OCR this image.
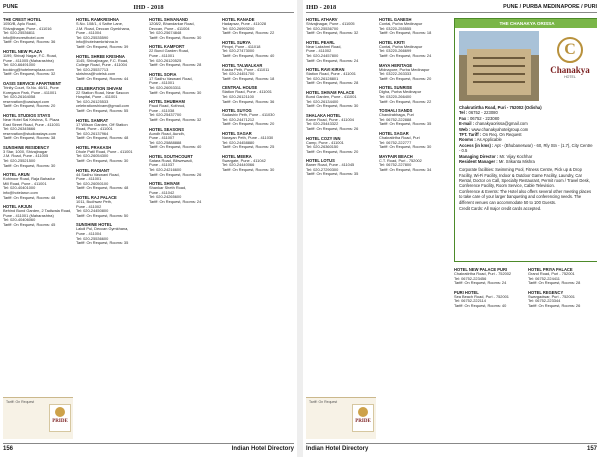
PUNE	IHD - 2018
THE CREST HOTEL
1050/B, Aplu Road,
Shivajinagar, Pune - 411016
Tel: 020-25536811
info@thecresthotel.com
Tariff: On Request, Rooms: 36
HOTEL NEW PLAZA
1199, Shivaji Nagar, F.C. Road,
Pune - 411005 (Maharashtra)
Tel: 020-66491000
booking@hotelnewplaza.com
Tariff: On Request, Rooms: 32
OASIS SERVICE APARTMENT
Trinity Court, Sr.No. 46/11, Pune
Koregaon Park, Pune - 411001
Tel: 020-26164058
reservation@oasisapt.com
Tariff: On Request, Rooms: 20
HOTEL STUDIOS STAYS
Near Hotel Sai Krishna, S. Plaza
East Street Road, Pune - 411001
Tel: 020-26345666
reservation@studiosstays.com
Tariff: On Request, Rooms: 38
SUNSHINE RESIDENCY
3 Star, 1000, Shivajinagar
J.M. Road, Pune - 411005
Tel: 020-25521500
Tariff: On Request, Rooms: 30
HOTEL ARUN
Kohinoor Road, Raja Bahadur
Mill Road, Pune - 411001
Tel: 020-40401000
info@hotelarun.com
Tariff: On Request, Rooms: 48
HOTEL ARJUN
Behind Bund Garden, 2 Tadiwala Road,
Pune - 411001 (Maharashtra)
Tel: 020-40406060
Tariff: On Request, Rooms: 45
HOTEL RAMKRISHNA
S.No. 108/1, 4 Sathe Lane,
J.M. Road, Deccan Gymkhana,
Pune - 411004
Tel: 020-25535590
info@hotelramkrishna.in
Tariff: On Request, Rooms: 39
HOTEL SHREE KRISHNA
1145, Shivajinagar, F.C. Road,
College Road, Pune - 411004
Tel: 020-25537713
skrishna@hotelsk.com
Tariff: On Request, Rooms: 44
CELEBRATION SHIVAM
22 Station Road, Near Sasoon
Hospital, Pune - 411001
Tel: 020-26125533
celebrationshivam@gmail.com
Tariff: On Request, Rooms: 55
HOTEL SAMRAT
17 Wilson Garden, Off Station
Road, Pune - 411001
Tel: 020-26137964
Tariff: On Request, Rooms: 48
HOTEL PRAKASH
Dhole Patil Road, Pune - 411001
Tel: 020-26054300
Tariff: On Request, Rooms: 30
HOTEL RADIANT
44 Sadhu Vaswani Road,
Pune - 411001
Tel: 020-26050100
Tariff: On Request, Rooms: 48
HOTEL RAJ PALACE
1011, Budhwar Peth,
Pune - 411002
Tel: 020-24450800
Tariff: On Request, Rooms: 50
SUNSHINE HOTEL
Lakdi Pul, Deccan Gymkhana,
Pune - 411004
Tel: 020-25536600
Tariff: On Request, Rooms: 35
HOTEL SHIVANAND
1208/2, Bhandarkar Road,
Deccan, Pune - 411004
Tel: 020-25674848
Tariff: On Request, Rooms: 30
HOTEL KAMFORT
22 Bund Garden Road,
Pune - 411001
Tel: 020-26120525
Tariff: On Request, Rooms: 28
HOTEL SOFIA
17 Sadhu Vaswani Road,
Pune - 411001
Tel: 020-26053311
Tariff: On Request, Rooms: 30
HOTEL SHUBHAM
Paud Road, Kothrud,
Pune - 411038
Tel: 020-25437700
Tariff: On Request, Rooms: 32
HOTEL SEASONS
Aundh Road, Aundh,
Pune - 411007
Tel: 020-25888888
Tariff: On Request, Rooms: 40
HOTEL SOUTHCOURT
Satara Road, Bibwewadi,
Pune - 411037
Tel: 020-24216600
Tariff: On Request, Rooms: 26
HOTEL SHIVAM
Shankar Sheth Road,
Pune - 411042
Tel: 020-24265600
Tariff: On Request, Rooms: 24
HOTEL RANADE
Hadapsar, Pune - 411028
Tel: 020-26993200
Tariff: On Request, Rooms: 22
HOTEL SURYA
Pimpri, Pune - 411018
Tel: 020-27473000
Tariff: On Request, Rooms: 40
HOTEL TALWALKAR
Kasba Peth, Pune - 411011
Tel: 020-24451700
Tariff: On Request, Rooms: 18
CENTRAL HOUSE
Station Road, Pune - 411001
Tel: 020-26121100
Tariff: On Request, Rooms: 36
HOTEL SUYOG
Sadashiv Peth, Pune - 411030
Tel: 020-24471212
Tariff: On Request, Rooms: 20
HOTEL SAGAR
Narayan Peth, Pune - 411030
Tel: 020-24458880
Tariff: On Request, Rooms: 25
HOTEL MEERA
Swargate, Pune - 411042
Tel: 020-24440066
Tariff: On Request, Rooms: 30
Tariff: On Request
PRIDE
156	Indian Hotel Directory
IHD - 2018	PUNE / PURBA MEDINAPORE / PURI
HOTEL ATHARV
Shivajinagar, Pune - 411005
Tel: 020-25536700
Tariff: On Request, Rooms: 32
HOTEL PEARL
Near Lakshmi Road,
Pune - 411002
Tel: 020-24457800
Tariff: On Request, Rooms: 24
HOTEL RAVI KIRAN
Station Road, Pune - 411001
Tel: 020-26128801
Tariff: On Request, Rooms: 28
HOTEL SHIVAM PALACE
Bund Garden, Pune - 411001
Tel: 020-26134400
Tariff: On Request, Rooms: 30
SHALAKA HOTEL
Karve Road, Pune - 411004
Tel: 020-25443322
Tariff: On Request, Rooms: 26
HOTEL COZY INN
Camp, Pune - 411001
Tel: 020-26360150
Tariff: On Request, Rooms: 20
HOTEL LOTUS
Baner Road, Pune - 411045
Tel: 020-27290300
Tariff: On Request, Rooms: 35
HOTEL GANESH
Contai, Purba Medinapur
Tel: 03220-255555
Tariff: On Request, Rooms: 18
HOTEL KRITI
Contai, Purba Medinapur
Tel: 03220-266699
Tariff: On Request, Rooms: 24
MAYA HERITAGE
Midnapore, Purba Medinapur
Tel: 03222-263333
Tariff: On Request, Rooms: 20
HOTEL SUNRISE
Digha, Purba Medinapur
Tel: 03220-266400
Tariff: On Request, Rooms: 22
TOSHALI SANDS
Chandrabhaga, Puri
Tel: 06752-222888
Tariff: On Request, Rooms: 35
HOTEL SAGAR
Chakratirtha Road, Puri
Tel: 06752-222777
Tariff: On Request, Rooms: 30
MAYFAIR BEACH
C.T. Road, Puri - 752002
Tel: 06752-227800
Tariff: On Request, Rooms: 34
THE CHANAKYA ORISSA
C
Chanakya
HOTEL
Chakratirtha Road, Puri - 752002 (Odisha)
Tel : 06752 - 223080
Fax : 06752 - 223080
E-mail : chanakyaorissa@gmail.com
Web : www.chanakyahotelgroup.com
TFT. Tariff : On Req. On Request
Rooms : As Applicable
Access (in kms) : Apt - (Bhubaneswar) - 60, Rly Stn - (1.7), City Centre - 0.5
Managing Director : Mr. Vijay Kochhar
Resident Manager : Mr. Srikanta Mishra
Corporate facilities: Swimming Pool, Fitness Centre, Pick up & Drop Facility, Wi-Fi Facility, Indoor & Outdoor Game Facility, Laundry, Car Rental, Doctor on Call, Specialty Restaurant, Permit room / Travel Desk, Conference Facility, Room Service, Cable Television.
Conference & Events: The Hotel also offers several other meeting places to take care of your larger banqueting and conferencing needs. The different venues can accommodate 50 to 100 Guests.
Credit Cards: All major credit cards accepted.
HOTEL NEW PALACE PURI
Chakratirtha Road, Puri - 752002
Tel: 06752-223456
Tariff: On Request, Rooms: 24
PURI HOTEL
Sea Beach Road, Puri - 752001
Tel: 06752-222114
Tariff: On Request, Rooms: 40
HOTEL PRIYA PALACE
Grand Road, Puri - 752001
Tel: 06752-224411
Tariff: On Request, Rooms: 28
HOTEL REGENCY
Swargadwar, Puri - 752001
Tel: 06752-223344
Tariff: On Request, Rooms: 26
Tariff: On Request
PRIDE
Indian Hotel Directory	157
